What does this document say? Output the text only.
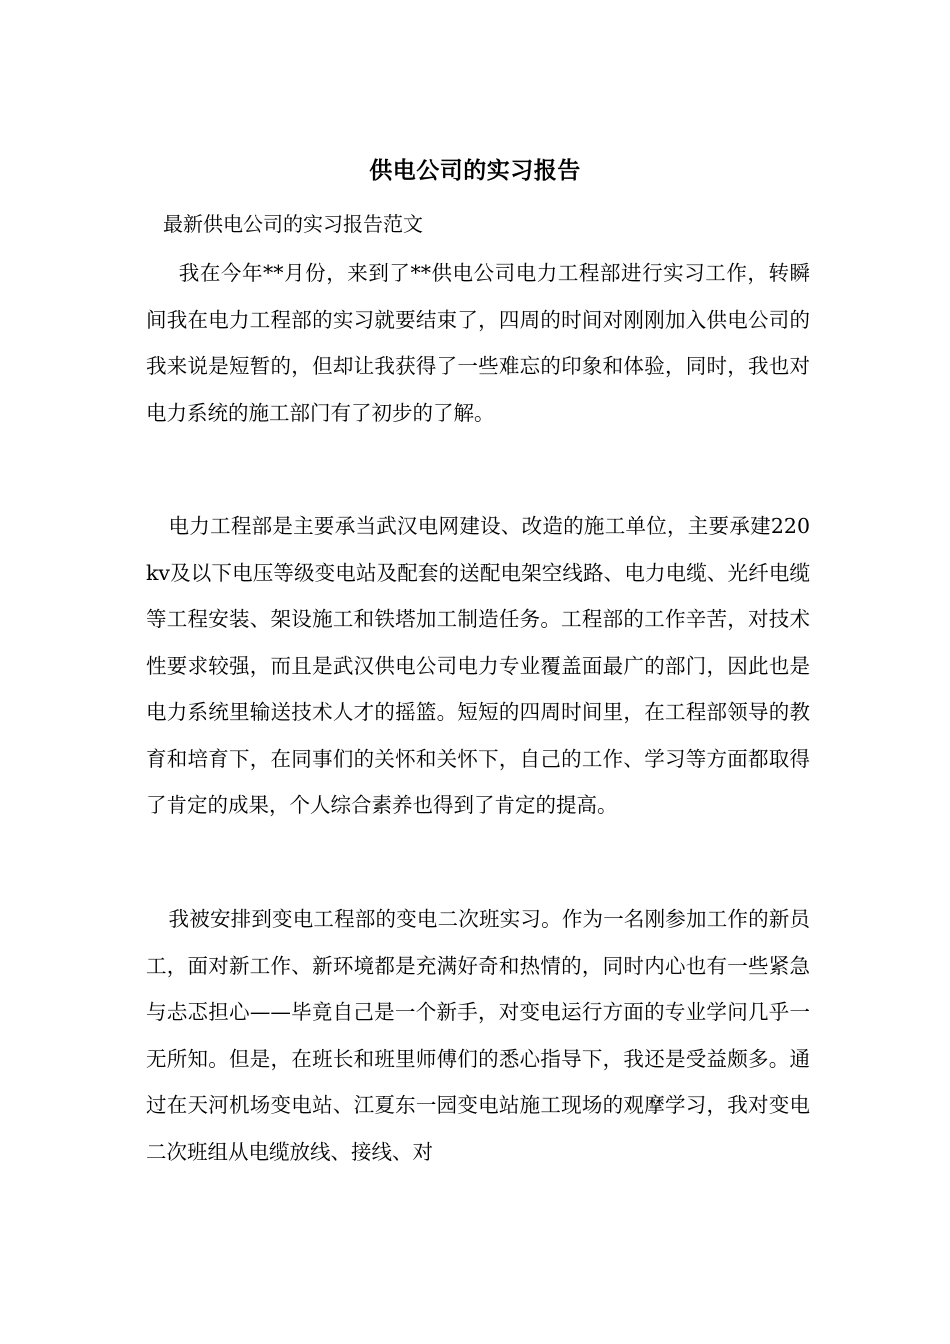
供电公司的实习报告
最新供电公司的实习报告范文
我在今年**月份，来到了**供电公司电力工程部进行实习工作，转瞬间我在电力工程部的实习就要结束了，四周的时间对刚刚加入供电公司的我来说是短暂的，但却让我获得了一些难忘的印象和体验，同时，我也对电力系统的施工部门有了初步的了解。
电力工程部是主要承当武汉电网建设、改造的施工单位，主要承建220kv及以下电压等级变电站及配套的送配电架空线路、电力电缆、光纤电缆等工程安装、架设施工和铁塔加工制造任务。工程部的工作辛苦，对技术性要求较强，而且是武汉供电公司电力专业覆盖面最广的部门，因此也是电力系统里输送技术人才的摇篮。短短的四周时间里，在工程部领导的教育和培育下，在同事们的关怀和关怀下，自己的工作、学习等方面都取得了肯定的成果，个人综合素养也得到了肯定的提高。
我被安排到变电工程部的变电二次班实习。作为一名刚参加工作的新员工，面对新工作、新环境都是充满好奇和热情的，同时内心也有一些紧急与忐忑担心——毕竟自己是一个新手，对变电运行方面的专业学问几乎一无所知。但是，在班长和班里师傅们的悉心指导下，我还是受益颇多。通过在天河机场变电站、江夏东一园变电站施工现场的观摩学习，我对变电二次班组从电缆放线、接线、对
